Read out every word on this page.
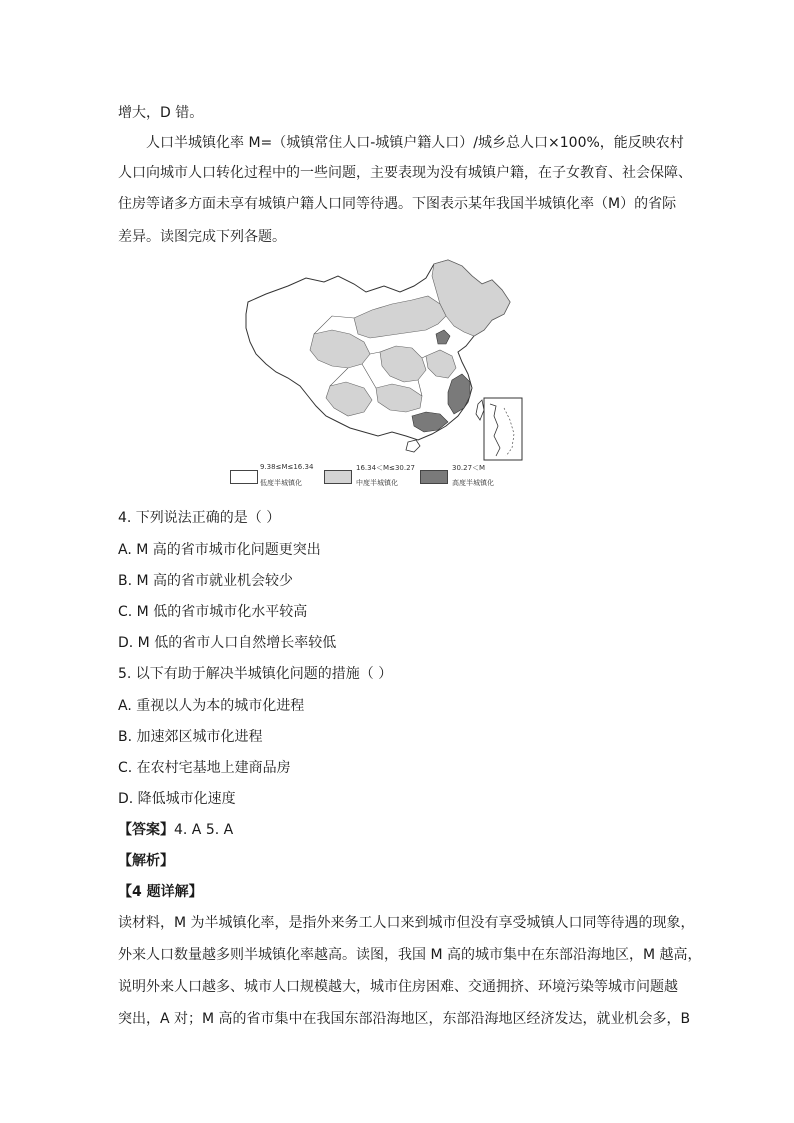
增大，D 错。
人口半城镇化率 M=（城镇常住人口-城镇户籍人口）/城乡总人口×100%，能反映农村
人口向城市人口转化过程中的一些问题，主要表现为没有城镇户籍，在子女教育、社会保障、
住房等诸多方面未享有城镇户籍人口同等待遇。下图表示某年我国半城镇化率（M）的省际
差异。读图完成下列各题。
9.38≤M≤16.34
低度半城镇化
16.34＜M≤30.27
中度半城镇化
30.27＜M
高度半城镇化
4. 下列说法正确的是（ ）
A. M 高的省市城市化问题更突出
B. M 高的省市就业机会较少
C. M 低的省市城市化水平较高
D. M 低的省市人口自然增长率较低
5. 以下有助于解决半城镇化问题的措施（ ）
A. 重视以人为本的城市化进程
B. 加速郊区城市化进程
C. 在农村宅基地上建商品房
D. 降低城市化速度
【答案】4. A 5. A
【解析】
【4 题详解】
读材料，M 为半城镇化率，是指外来务工人口来到城市但没有享受城镇人口同等待遇的现象，
外来人口数量越多则半城镇化率越高。读图，我国 M 高的城市集中在东部沿海地区，M 越高，
说明外来人口越多、城市人口规模越大，城市住房困难、交通拥挤、环境污染等城市问题越
突出，A 对；M 高的省市集中在我国东部沿海地区，东部沿海地区经济发达，就业机会多，B
